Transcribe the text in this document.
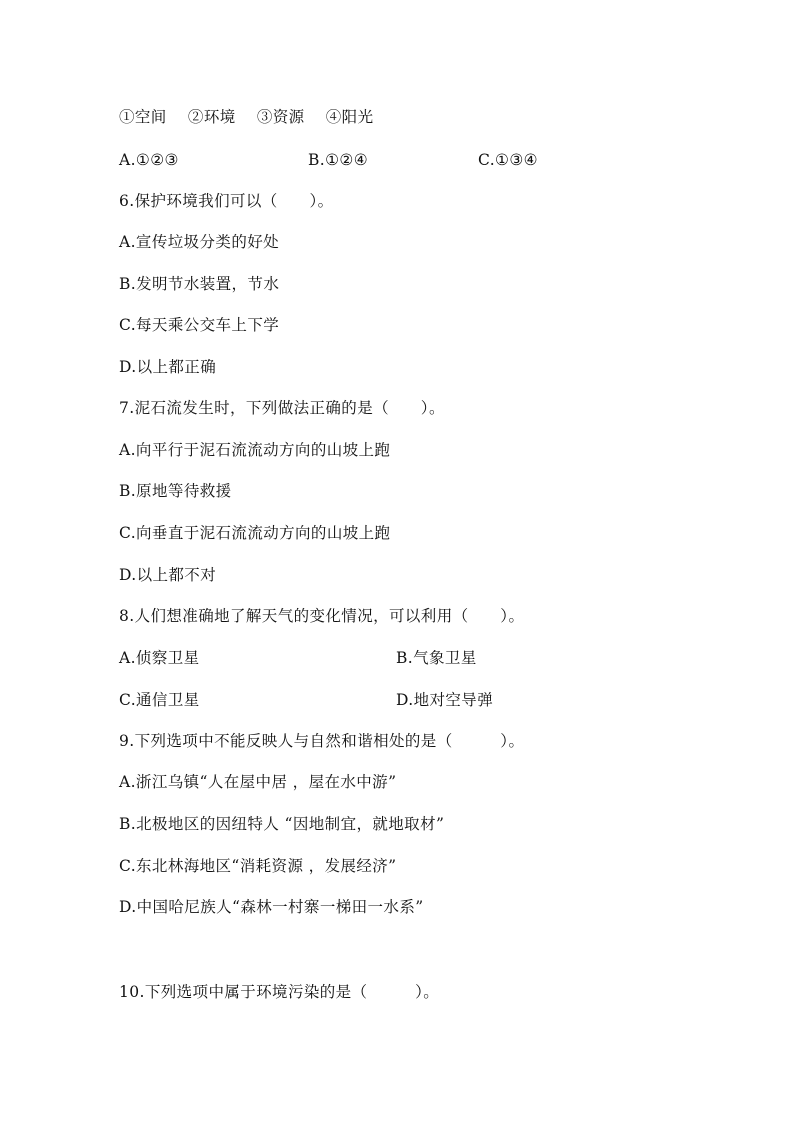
①空间　 ②环境　 ③资源　 ④阳光
A.①②③	B.①②④	C.①③④
6.保护环境我们可以（　　）。
A.宣传垃圾分类的好处
B.发明节水装置，节水
C.每天乘公交车上下学
D.以上都正确
7.泥石流发生时，下列做法正确的是（　　）。
A.向平行于泥石流流动方向的山坡上跑
B.原地等待救援
C.向垂直于泥石流流动方向的山坡上跑
D.以上都不对
8.人们想准确地了解天气的变化情况，可以利用（　　）。
A.侦察卫星	B.气象卫星
C.通信卫星	D.地对空导弹
9.下列选项中不能反映人与自然和谐相处的是（　　　）。
A.浙江乌镇“人在屋中居 ，屋在水中游”
B.北极地区的因纽特人 “因地制宜，就地取材”
C.东北林海地区“消耗资源 ，发展经济”
D.中国哈尼族人“森林一村寨一梯田一水系”
10.下列选项中属于环境污染的是（　　　）。
